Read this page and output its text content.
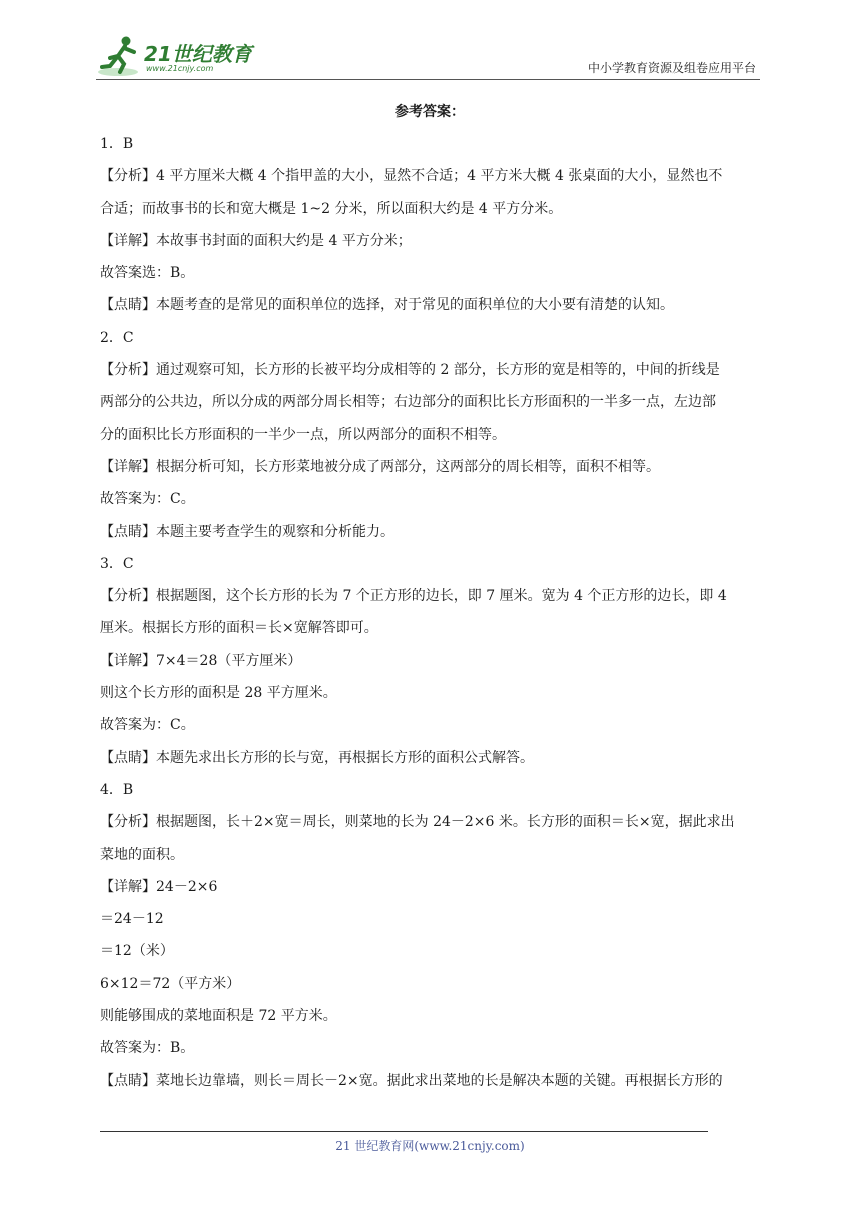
21世纪教育
www.21cnjy.com	中小学教育资源及组卷应用平台
参考答案：
1．B
【分析】4 平方厘米大概 4 个指甲盖的大小，显然不合适；4 平方米大概 4 张桌面的大小，显然也不
合适；而故事书的长和宽大概是 1~2 分米，所以面积大约是 4 平方分米。
【详解】本故事书封面的面积大约是 4 平方分米；
故答案选：B。
【点睛】本题考查的是常见的面积单位的选择，对于常见的面积单位的大小要有清楚的认知。
2．C
【分析】通过观察可知，长方形的长被平均分成相等的 2 部分，长方形的宽是相等的，中间的折线是
两部分的公共边，所以分成的两部分周长相等；右边部分的面积比长方形面积的一半多一点，左边部
分的面积比长方形面积的一半少一点，所以两部分的面积不相等。
【详解】根据分析可知，长方形菜地被分成了两部分，这两部分的周长相等，面积不相等。
故答案为：C。
【点睛】本题主要考查学生的观察和分析能力。
3．C
【分析】根据题图，这个长方形的长为 7 个正方形的边长，即 7 厘米。宽为 4 个正方形的边长，即 4
厘米。根据长方形的面积＝长×宽解答即可。
【详解】7×4＝28（平方厘米）
则这个长方形的面积是 28 平方厘米。
故答案为：C。
【点睛】本题先求出长方形的长与宽，再根据长方形的面积公式解答。
4．B
【分析】根据题图，长＋2×宽＝周长，则菜地的长为 24－2×6 米。长方形的面积＝长×宽，据此求出
菜地的面积。
【详解】24－2×6
＝24－12
＝12（米）
6×12＝72（平方米）
则能够围成的菜地面积是 72 平方米。
故答案为：B。
【点睛】菜地长边靠墙，则长＝周长－2×宽。据此求出菜地的长是解决本题的关键。再根据长方形的
21 世纪教育网(www.21cnjy.com)
